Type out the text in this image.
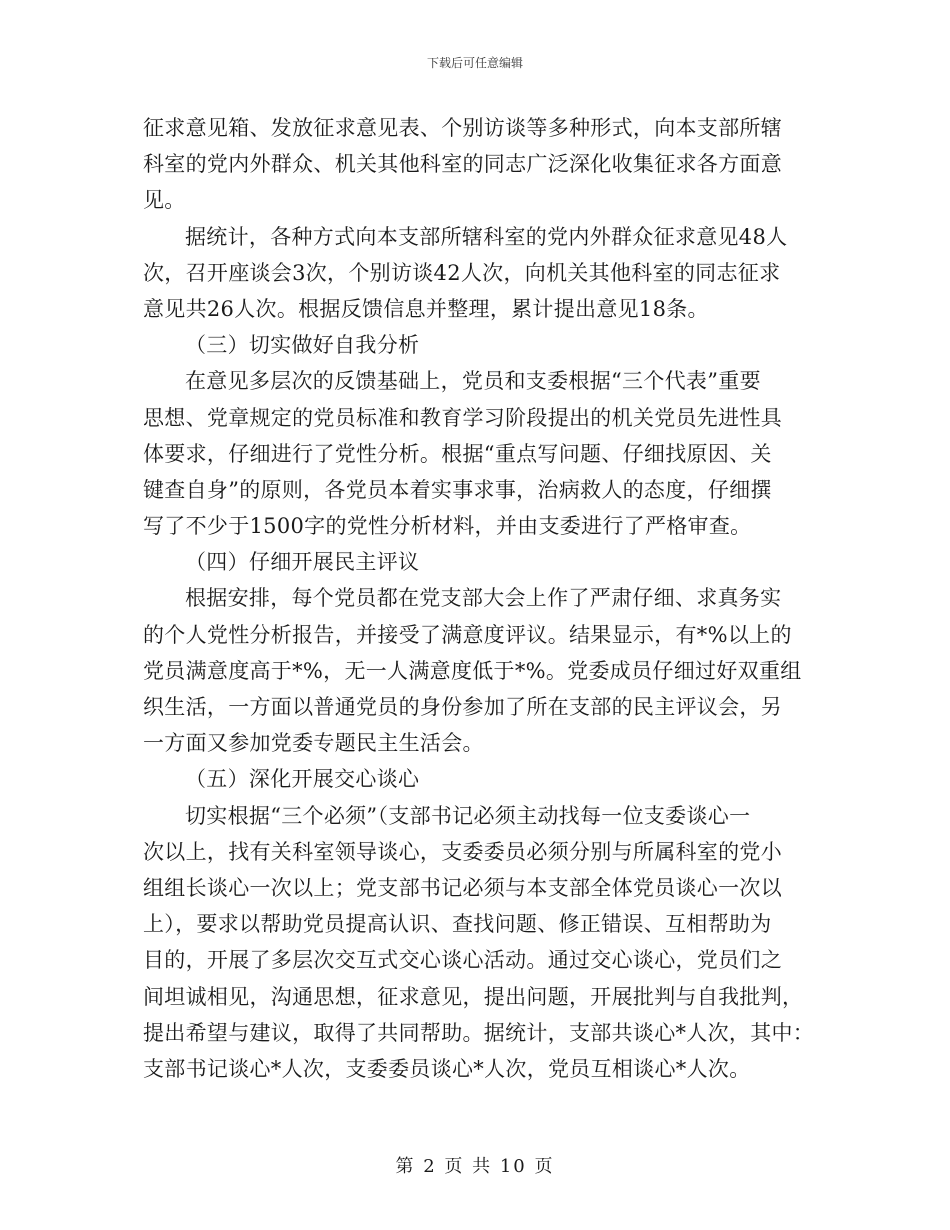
下载后可任意编辑
征求意见箱、发放征求意见表、个别访谈等多种形式，向本支部所辖
科室的党内外群众、机关其他科室的同志广泛深化收集征求各方面意
见。
据统计，各种方式向本支部所辖科室的党内外群众征求意见48人
次，召开座谈会3次，个别访谈42人次，向机关其他科室的同志征求
意见共26人次。根据反馈信息并整理，累计提出意见18条。
（三）切实做好自我分析
在意见多层次的反馈基础上，党员和支委根据“三个代表”重要
思想、党章规定的党员标准和教育学习阶段提出的机关党员先进性具
体要求，仔细进行了党性分析。根据“重点写问题、仔细找原因、关
键查自身”的原则，各党员本着实事求事，治病救人的态度，仔细撰
写了不少于1500字的党性分析材料，并由支委进行了严格审查。
（四）仔细开展民主评议
根据安排，每个党员都在党支部大会上作了严肃仔细、求真务实
的个人党性分析报告，并接受了满意度评议。结果显示，有*%以上的
党员满意度高于*%，无一人满意度低于*%。党委成员仔细过好双重组
织生活，一方面以普通党员的身份参加了所在支部的民主评议会，另
一方面又参加党委专题民主生活会。
（五）深化开展交心谈心
切实根据“三个必须”（支部书记必须主动找每一位支委谈心一
次以上，找有关科室领导谈心，支委委员必须分别与所属科室的党小
组组长谈心一次以上；党支部书记必须与本支部全体党员谈心一次以
上），要求以帮助党员提高认识、查找问题、修正错误、互相帮助为
目的，开展了多层次交互式交心谈心活动。通过交心谈心，党员们之
间坦诚相见，沟通思想，征求意见，提出问题，开展批判与自我批判，
提出希望与建议，取得了共同帮助。据统计，支部共谈心*人次，其中：
支部书记谈心*人次，支委委员谈心*人次，党员互相谈心*人次。
第 2 页 共 10 页
